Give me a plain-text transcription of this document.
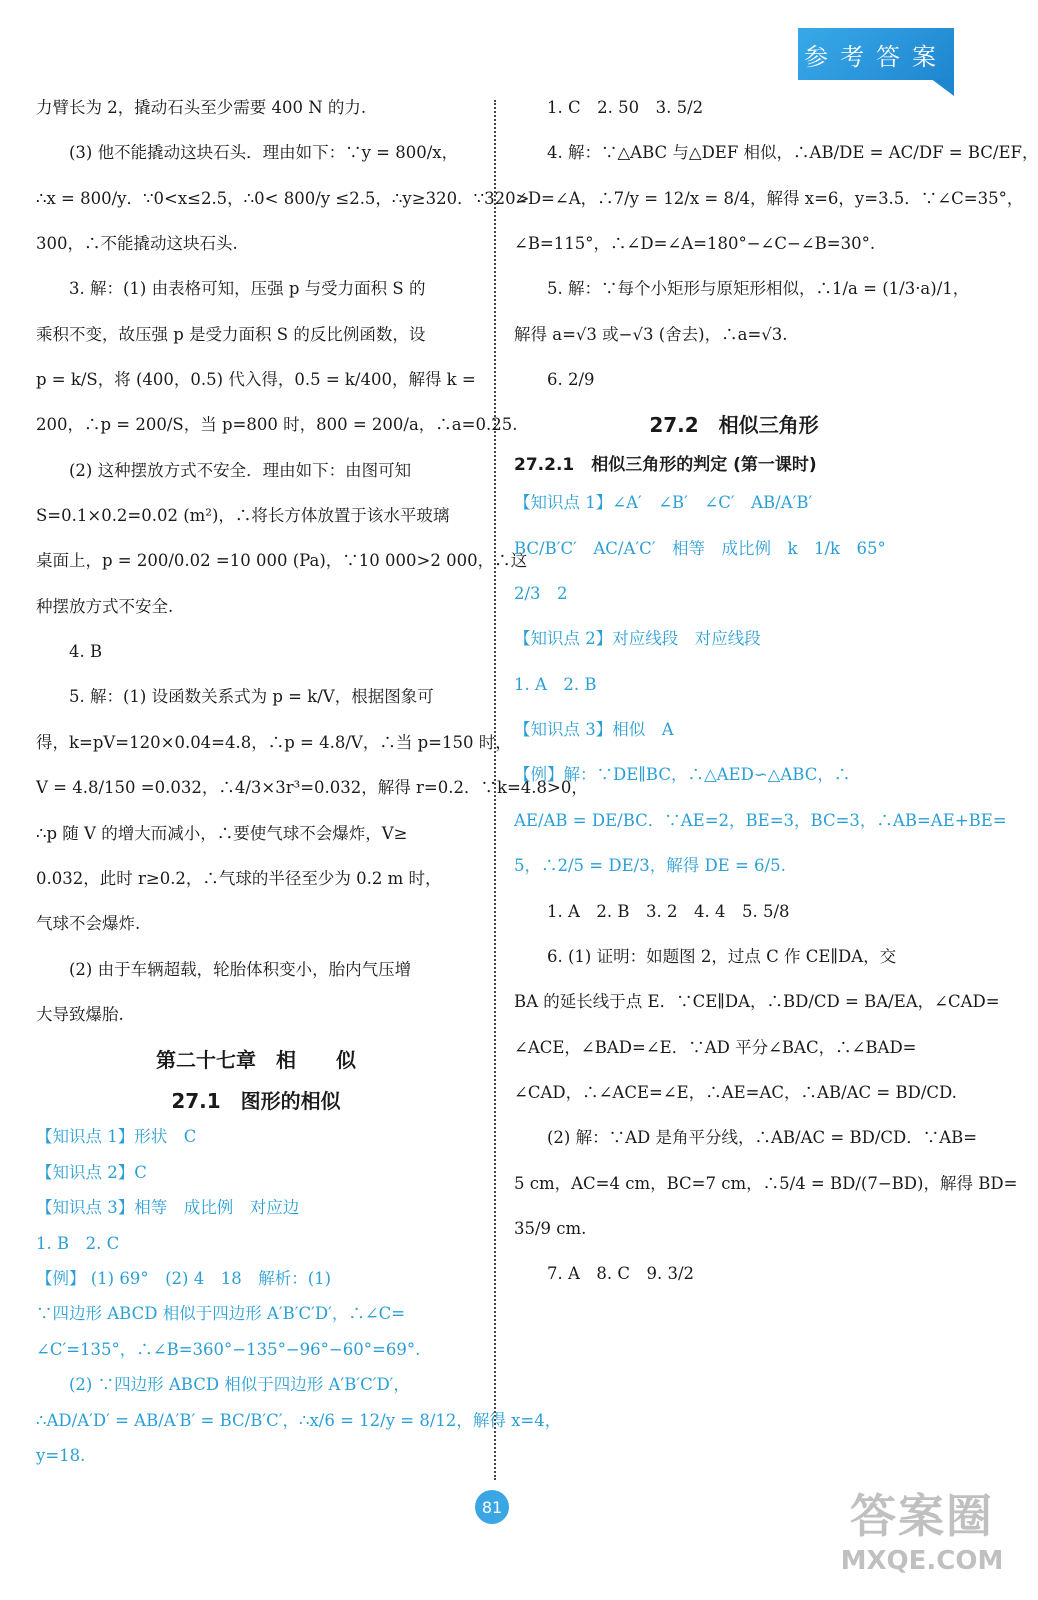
参考答案
力臂长为 2，撬动石头至少需要 400 N 的力.
(3) 他不能撬动这块石头．理由如下：∵y = 800/x，
∴x = 800/y．∵0<x≤2.5，∴0< 800/y ≤2.5，∴y≥320．∵320>
300，∴不能撬动这块石头.
3. 解：(1) 由表格可知，压强 p 与受力面积 S 的
乘积不变，故压强 p 是受力面积 S 的反比例函数，设
p = k/S，将 (400，0.5) 代入得，0.5 = k/400，解得 k =
200，∴p = 200/S，当 p=800 时，800 = 200/a，∴a=0.25.
(2) 这种摆放方式不安全．理由如下：由图可知
S=0.1×0.2=0.02 (m²)，∴将长方体放置于该水平玻璃
桌面上，p = 200/0.02 =10 000 (Pa)，∵10 000>2 000，∴这
种摆放方式不安全.
4. B
5. 解：(1) 设函数关系式为 p = k/V，根据图象可
得，k=pV=120×0.04=4.8，∴p = 4.8/V，∴当 p=150 时，
V = 4.8/150 =0.032，∴4/3×3r³=0.032，解得 r=0.2．∵k=4.8>0，
∴p 随 V 的增大而减小，∴要使气球不会爆炸，V≥
0.032，此时 r≥0.2，∴气球的半径至少为 0.2 m 时，
气球不会爆炸.
(2) 由于车辆超载，轮胎体积变小，胎内气压增
大导致爆胎.
第二十七章　相　　似
27.1　图形的相似
【知识点 1】形状　C
【知识点 2】C
【知识点 3】相等　成比例　对应边
1. B　2. C
【例】 (1) 69°　(2) 4　18　解析：(1)
∵四边形 ABCD 相似于四边形 A′B′C′D′，∴∠C=
∠C′=135°，∴∠B=360°−135°−96°−60°=69°.
(2) ∵四边形 ABCD 相似于四边形 A′B′C′D′，
∴AD/A′D′ = AB/A′B′ = BC/B′C′，∴x/6 = 12/y = 8/12，解得 x=4，
y=18.
1. C　2. 50　3. 5/2
4. 解：∵△ABC 与△DEF 相似，∴AB/DE = AC/DF = BC/EF，
∠D=∠A，∴7/y = 12/x = 8/4，解得 x=6，y=3.5．∵∠C=35°，
∠B=115°，∴∠D=∠A=180°−∠C−∠B=30°.
5. 解：∵每个小矩形与原矩形相似，∴1/a = (1/3·a)/1，
解得 a=√3 或−√3 (舍去)，∴a=√3.
6. 2/9
27.2　相似三角形
27.2.1　相似三角形的判定 (第一课时)
【知识点 1】∠A′　∠B′　∠C′　AB/A′B′
BC/B′C′　AC/A′C′　相等　成比例　k　1/k　65°
2/3　2
【知识点 2】对应线段　对应线段
1. A　2. B
【知识点 3】相似　A
【例】解：∵DE∥BC，∴△AED∽△ABC，∴
AE/AB = DE/BC．∵AE=2，BE=3，BC=3，∴AB=AE+BE=
5，∴2/5 = DE/3，解得 DE = 6/5.
1. A　2. B　3. 2　4. 4　5. 5/8
6. (1) 证明：如题图 2，过点 C 作 CE∥DA，交
BA 的延长线于点 E．∵CE∥DA，∴BD/CD = BA/EA，∠CAD=
∠ACE，∠BAD=∠E．∵AD 平分∠BAC，∴∠BAD=
∠CAD，∴∠ACE=∠E，∴AE=AC，∴AB/AC = BD/CD.
(2) 解：∵AD 是角平分线，∴AB/AC = BD/CD．∵AB=
5 cm，AC=4 cm，BC=7 cm，∴5/4 = BD/(7−BD)，解得 BD=
35/9 cm.
7. A　8. C　9. 3/2
81	答案圈
MXQE.COM
